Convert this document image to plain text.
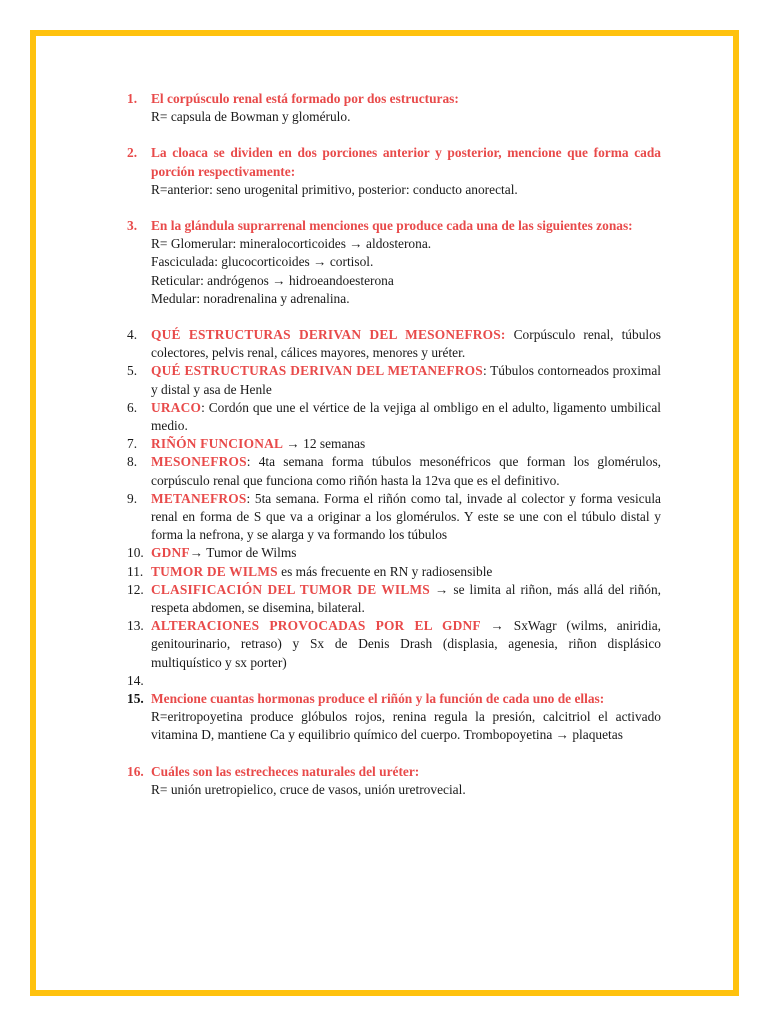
1.	El corpúsculo renal está formado por dos estructuras:
R= capsula de Bowman y glomérulo.
2.	La cloaca se dividen en dos porciones anterior y posterior, mencione que forma cada porción respectivamente:
R=anterior: seno urogenital primitivo, posterior: conducto anorectal.
3.	En la glándula suprarrenal menciones que produce cada una de las siguientes zonas:
R= Glomerular: mineralocorticoides → aldosterona.
Fasciculada: glucocorticoides → cortisol.
Reticular: andrógenos → hidroeandoesterona
Medular: noradrenalina y adrenalina.
4.	QUÉ ESTRUCTURAS DERIVAN DEL MESONEFROS: Corpúsculo renal, túbulos colectores, pelvis renal, cálices mayores, menores y uréter.
5.	QUÉ ESTRUCTURAS DERIVAN DEL METANEFROS: Túbulos contorneados proximal y distal y asa de Henle
6.	URACO: Cordón que une el vértice de la vejiga al ombligo en el adulto, ligamento umbilical medio.
7.	RIÑÓN FUNCIONAL → 12 semanas
8.	MESONEFROS: 4ta semana forma túbulos mesonéfricos que forman los glomérulos, corpúsculo renal que funciona como riñón hasta la 12va que es el definitivo.
9.	METANEFROS: 5ta semana. Forma el riñón como tal, invade al colector y forma vesicula renal en forma de S que va a originar a los glomérulos. Y este se une con el túbulo distal y forma la nefrona, y se alarga y va formando los túbulos
10. GDNF→ Tumor de Wilms
11. TUMOR DE WILMS es más frecuente en RN y radiosensible
12. CLASIFICACIÓN DEL TUMOR DE WILMS → se limita al riñon, más allá del riñón, respeta abdomen, se disemina, bilateral.
13. ALTERACIONES PROVOCADAS POR EL GDNF → SxWagr (wilms, aniridia, genitourinario, retraso) y Sx de Denis Drash (displasia, agenesia, riñon displásico multiquístico y sx porter)
14.
15. Mencione cuantas hormonas produce el riñón y la función de cada uno de ellas:
R=eritropoyetina produce glóbulos rojos, renina regula la presión, calcitriol el activado vitamina D, mantiene Ca y equilibrio químico del cuerpo. Trombopoyetina → plaquetas
16. Cuáles son las estrecheces naturales del uréter:
R= unión uretropielico, cruce de vasos, unión uretrovecial.
